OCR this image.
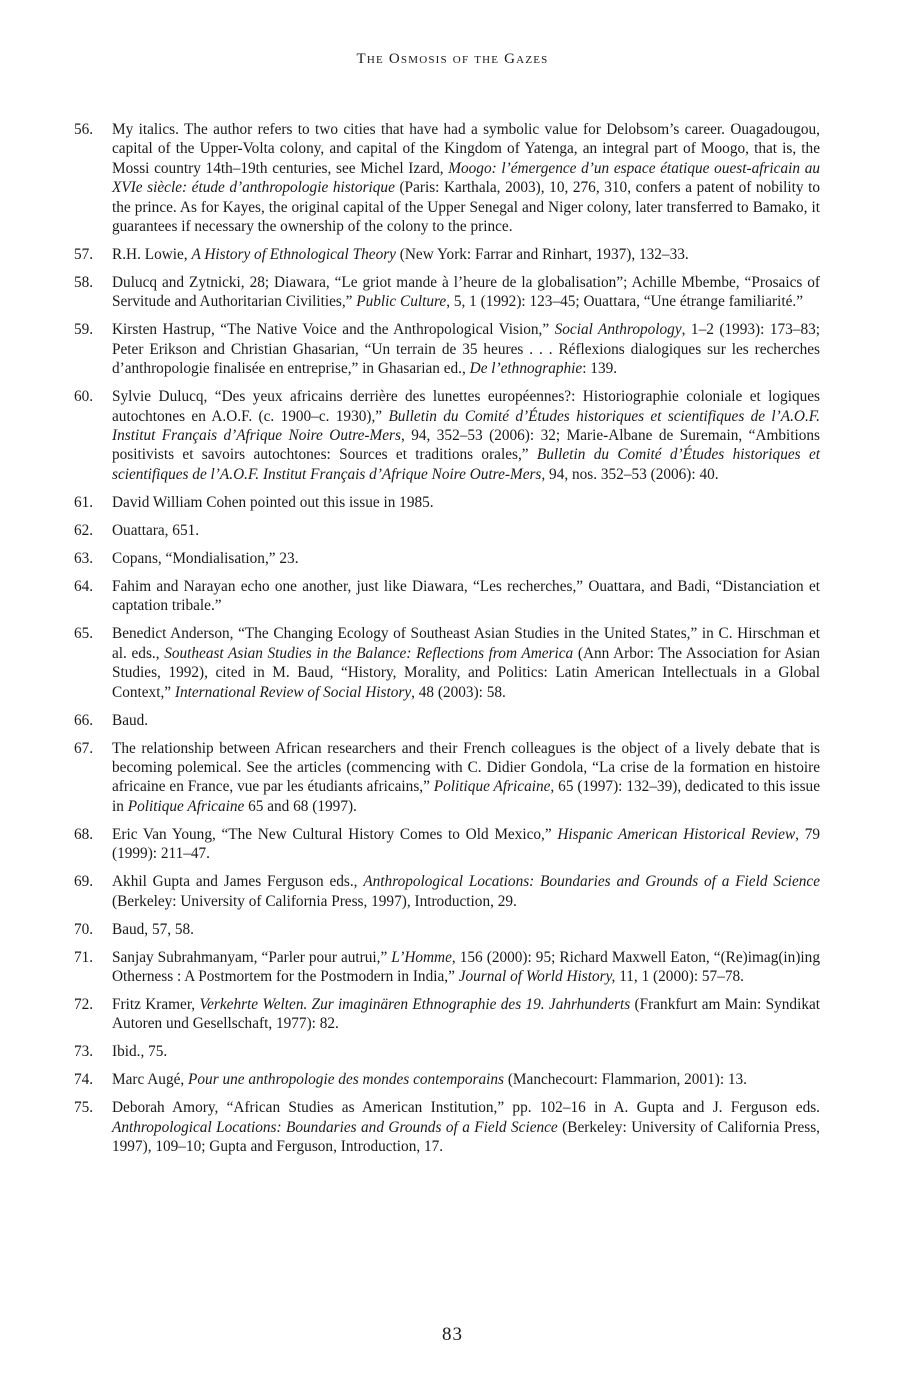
The Osmosis of the Gazes
56.	My italics. The author refers to two cities that have had a symbolic value for Delobsom’s career. Ouagadougou, capital of the Upper-Volta colony, and capital of the Kingdom of Yatenga, an integral part of Moogo, that is, the Mossi country 14th–19th centuries, see Michel Izard, Moogo: l’émergence d’un espace étatique ouest-africain au XVIe siècle: étude d’anthropologie historique (Paris: Karthala, 2003), 10, 276, 310, confers a patent of nobility to the prince. As for Kayes, the original capital of the Upper Senegal and Niger colony, later transferred to Bamako, it guarantees if necessary the ownership of the colony to the prince.
57.	R.H. Lowie, A History of Ethnological Theory (New York: Farrar and Rinhart, 1937), 132–33.
58.	Dulucq and Zytnicki, 28; Diawara, “Le griot mande à l’heure de la globalisation”; Achille Mbembe, “Prosaics of Servitude and Authoritarian Civilities,” Public Culture, 5, 1 (1992): 123–45; Ouattara, “Une étrange familiarité.”
59.	Kirsten Hastrup, “The Native Voice and the Anthropological Vision,” Social Anthropology, 1–2 (1993): 173–83; Peter Erikson and Christian Ghasarian, “Un terrain de 35 heures . . . Réflexions dialogiques sur les recherches d’anthropologie finalisée en entreprise,” in Ghasarian ed., De l’ethnographie: 139.
60.	Sylvie Dulucq, “Des yeux africains derrière des lunettes européennes?: Historiographie coloniale et logiques autochtones en A.O.F. (c. 1900–c. 1930),” Bulletin du Comité d’Études historiques et scientifiques de l’A.O.F. Institut Français d’Afrique Noire Outre-Mers, 94, 352–53 (2006): 32; Marie-Albane de Suremain, “Ambitions positivists et savoirs autochtones: Sources et traditions orales,” Bulletin du Comité d’Études historiques et scientifiques de l’A.O.F. Institut Français d’Afrique Noire Outre-Mers, 94, nos. 352–53 (2006): 40.
61.	David William Cohen pointed out this issue in 1985.
62.	Ouattara, 651.
63.	Copans, “Mondialisation,” 23.
64.	Fahim and Narayan echo one another, just like Diawara, “Les recherches,” Ouattara, and Badi, “Distanciation et captation tribale.”
65.	Benedict Anderson, “The Changing Ecology of Southeast Asian Studies in the United States,” in C. Hirschman et al. eds., Southeast Asian Studies in the Balance: Reflections from America (Ann Arbor: The Association for Asian Studies, 1992), cited in M. Baud, “History, Morality, and Politics: Latin American Intellectuals in a Global Context,” International Review of Social History, 48 (2003): 58.
66.	Baud.
67.	The relationship between African researchers and their French colleagues is the object of a lively debate that is becoming polemical. See the articles (commencing with C. Didier Gondola, “La crise de la formation en histoire africaine en France, vue par les étudiants africains,” Politique Africaine, 65 (1997): 132–39), dedicated to this issue in Politique Africaine 65 and 68 (1997).
68.	Eric Van Young, “The New Cultural History Comes to Old Mexico,” Hispanic American Historical Review, 79 (1999): 211–47.
69.	Akhil Gupta and James Ferguson eds., Anthropological Locations: Boundaries and Grounds of a Field Science (Berkeley: University of California Press, 1997), Introduction, 29.
70.	Baud, 57, 58.
71.	Sanjay Subrahmanyam, “Parler pour autrui,” L’Homme, 156 (2000): 95; Richard Maxwell Eaton, “(Re)imag(in)ing Otherness : A Postmortem for the Postmodern in India,” Journal of World History, 11, 1 (2000): 57–78.
72.	Fritz Kramer, Verkehrte Welten. Zur imaginären Ethnographie des 19. Jahrhunderts (Frankfurt am Main: Syndikat Autoren und Gesellschaft, 1977): 82.
73.	Ibid., 75.
74.	Marc Augé, Pour une anthropologie des mondes contemporains (Manchecourt: Flammarion, 2001): 13.
75.	Deborah Amory, “African Studies as American Institution,” pp. 102–16 in A. Gupta and J. Ferguson eds. Anthropological Locations: Boundaries and Grounds of a Field Science (Berkeley: University of California Press, 1997), 109–10; Gupta and Ferguson, Introduction, 17.
83
